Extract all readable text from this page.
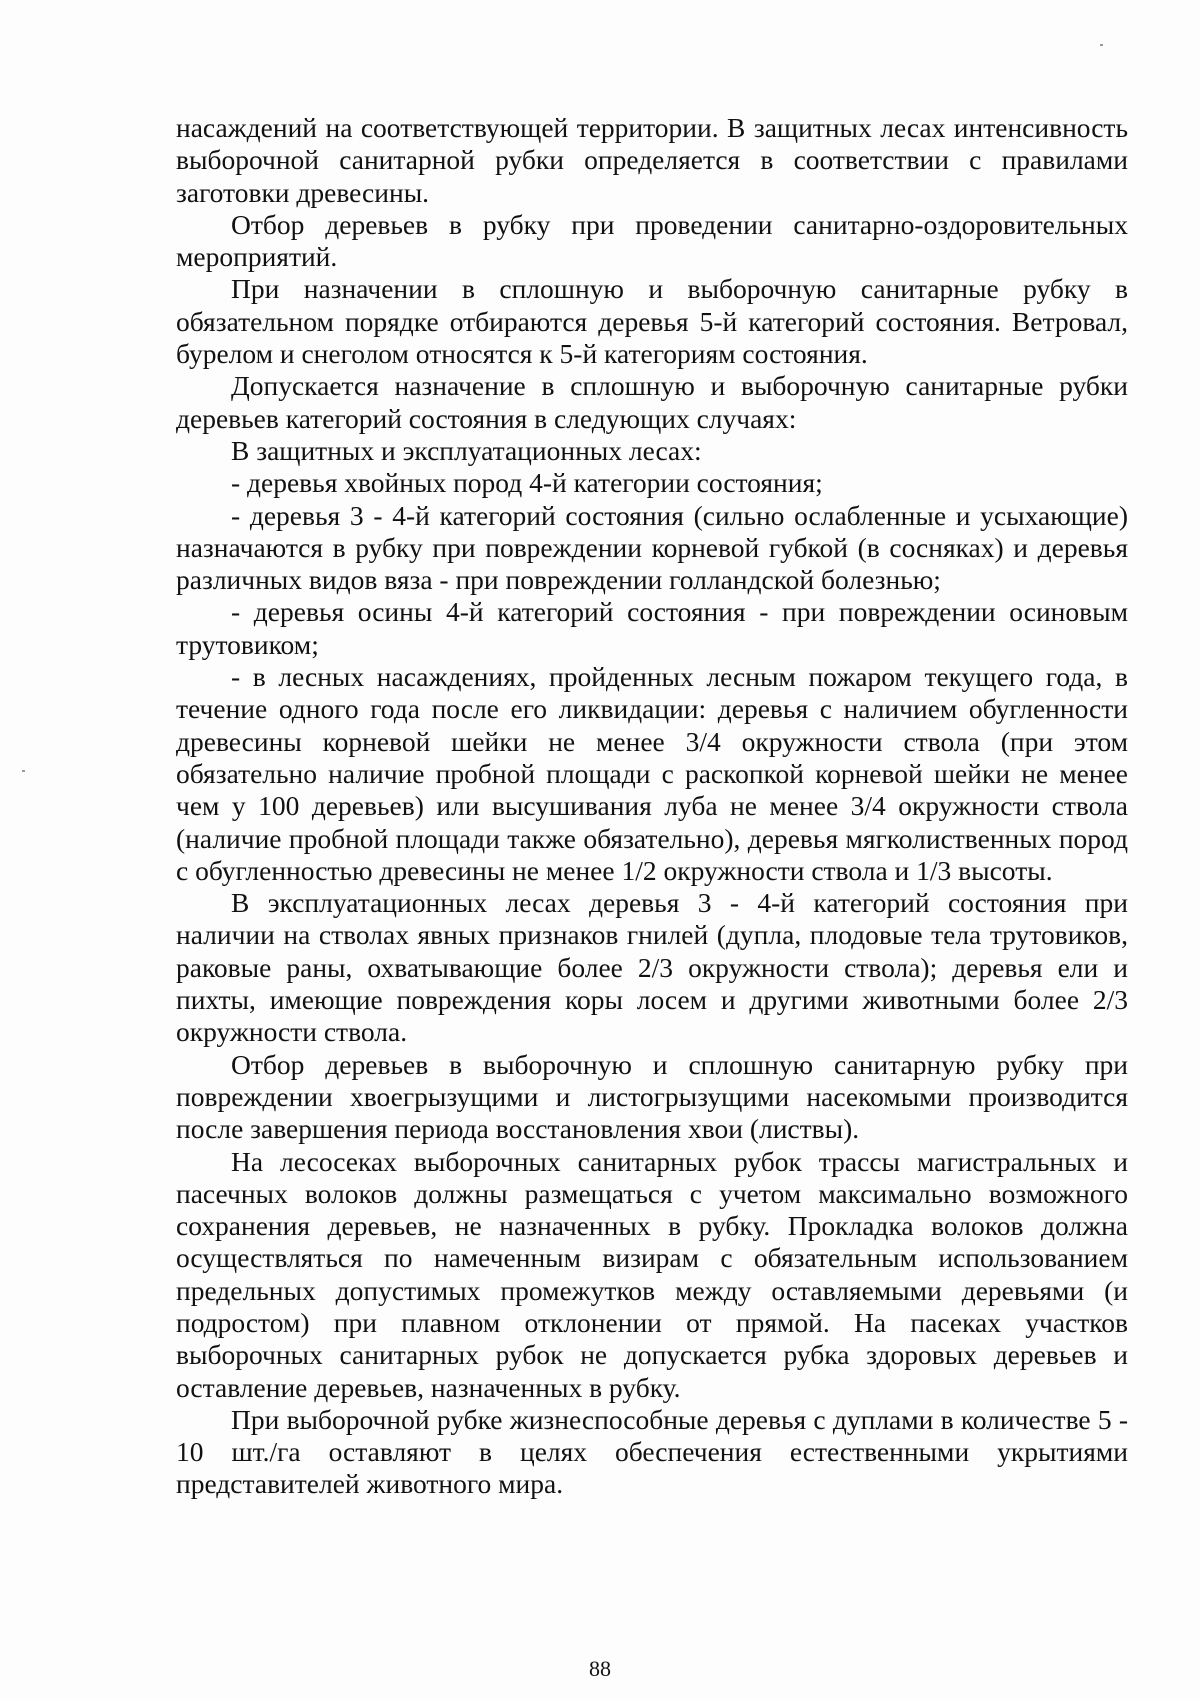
насаждений на соответствующей территории. В защитных лесах интенсивность выборочной санитарной рубки определяется в соответствии с правилами заготовки древесины.

Отбор деревьев в рубку при проведении санитарно-оздоровительных мероприятий.

При назначении в сплошную и выборочную санитарные рубку в обязательном порядке отбираются деревья 5-й категорий состояния. Ветровал, бурелом и снеголом относятся к 5-й категориям состояния.

Допускается назначение в сплошную и выборочную санитарные рубки деревьев категорий состояния в следующих случаях:

В защитных и эксплуатационных лесах:

- деревья хвойных пород 4-й категории состояния;

- деревья 3 - 4-й категорий состояния (сильно ослабленные и усыхающие) назначаются в рубку при повреждении корневой губкой (в сосняках) и деревья различных видов вяза - при повреждении голландской болезнью;

- деревья осины 4-й категорий состояния - при повреждении осиновым трутовиком;

- в лесных насаждениях, пройденных лесным пожаром текущего года, в течение одного года после его ликвидации: деревья с наличием обугленности древесины корневой шейки не менее 3/4 окружности ствола (при этом обязательно наличие пробной площади с раскопкой корневой шейки не менее чем у 100 деревьев) или высушивания луба не менее 3/4 окружности ствола (наличие пробной площади также обязательно), деревья мягколиственных пород с обугленностью древесины не менее 1/2 окружности ствола и 1/3 высоты.

В эксплуатационных лесах деревья 3 - 4-й категорий состояния при наличии на стволах явных признаков гнилей (дупла, плодовые тела трутовиков, раковые раны, охватывающие более 2/3 окружности ствола); деревья ели и пихты, имеющие повреждения коры лосем и другими животными более 2/3 окружности ствола.

Отбор деревьев в выборочную и сплошную санитарную рубку при повреждении хвоегрызущими и листогрызущими насекомыми производится после завершения периода восстановления хвои (листвы).

На лесосеках выборочных санитарных рубок трассы магистральных и пасечных волоков должны размещаться с учетом максимально возможного сохранения деревьев, не назначенных в рубку. Прокладка волоков должна осуществляться по намеченным визирам с обязательным использованием предельных допустимых промежутков между оставляемыми деревьями (и подростом) при плавном отклонении от прямой. На пасеках участков выборочных санитарных рубок не допускается рубка здоровых деревьев и оставление деревьев, назначенных в рубку.

При выборочной рубке жизнеспособные деревья с дуплами в количестве 5 - 10 шт./га оставляют в целях обеспечения естественными укрытиями представителей животного мира.

88
